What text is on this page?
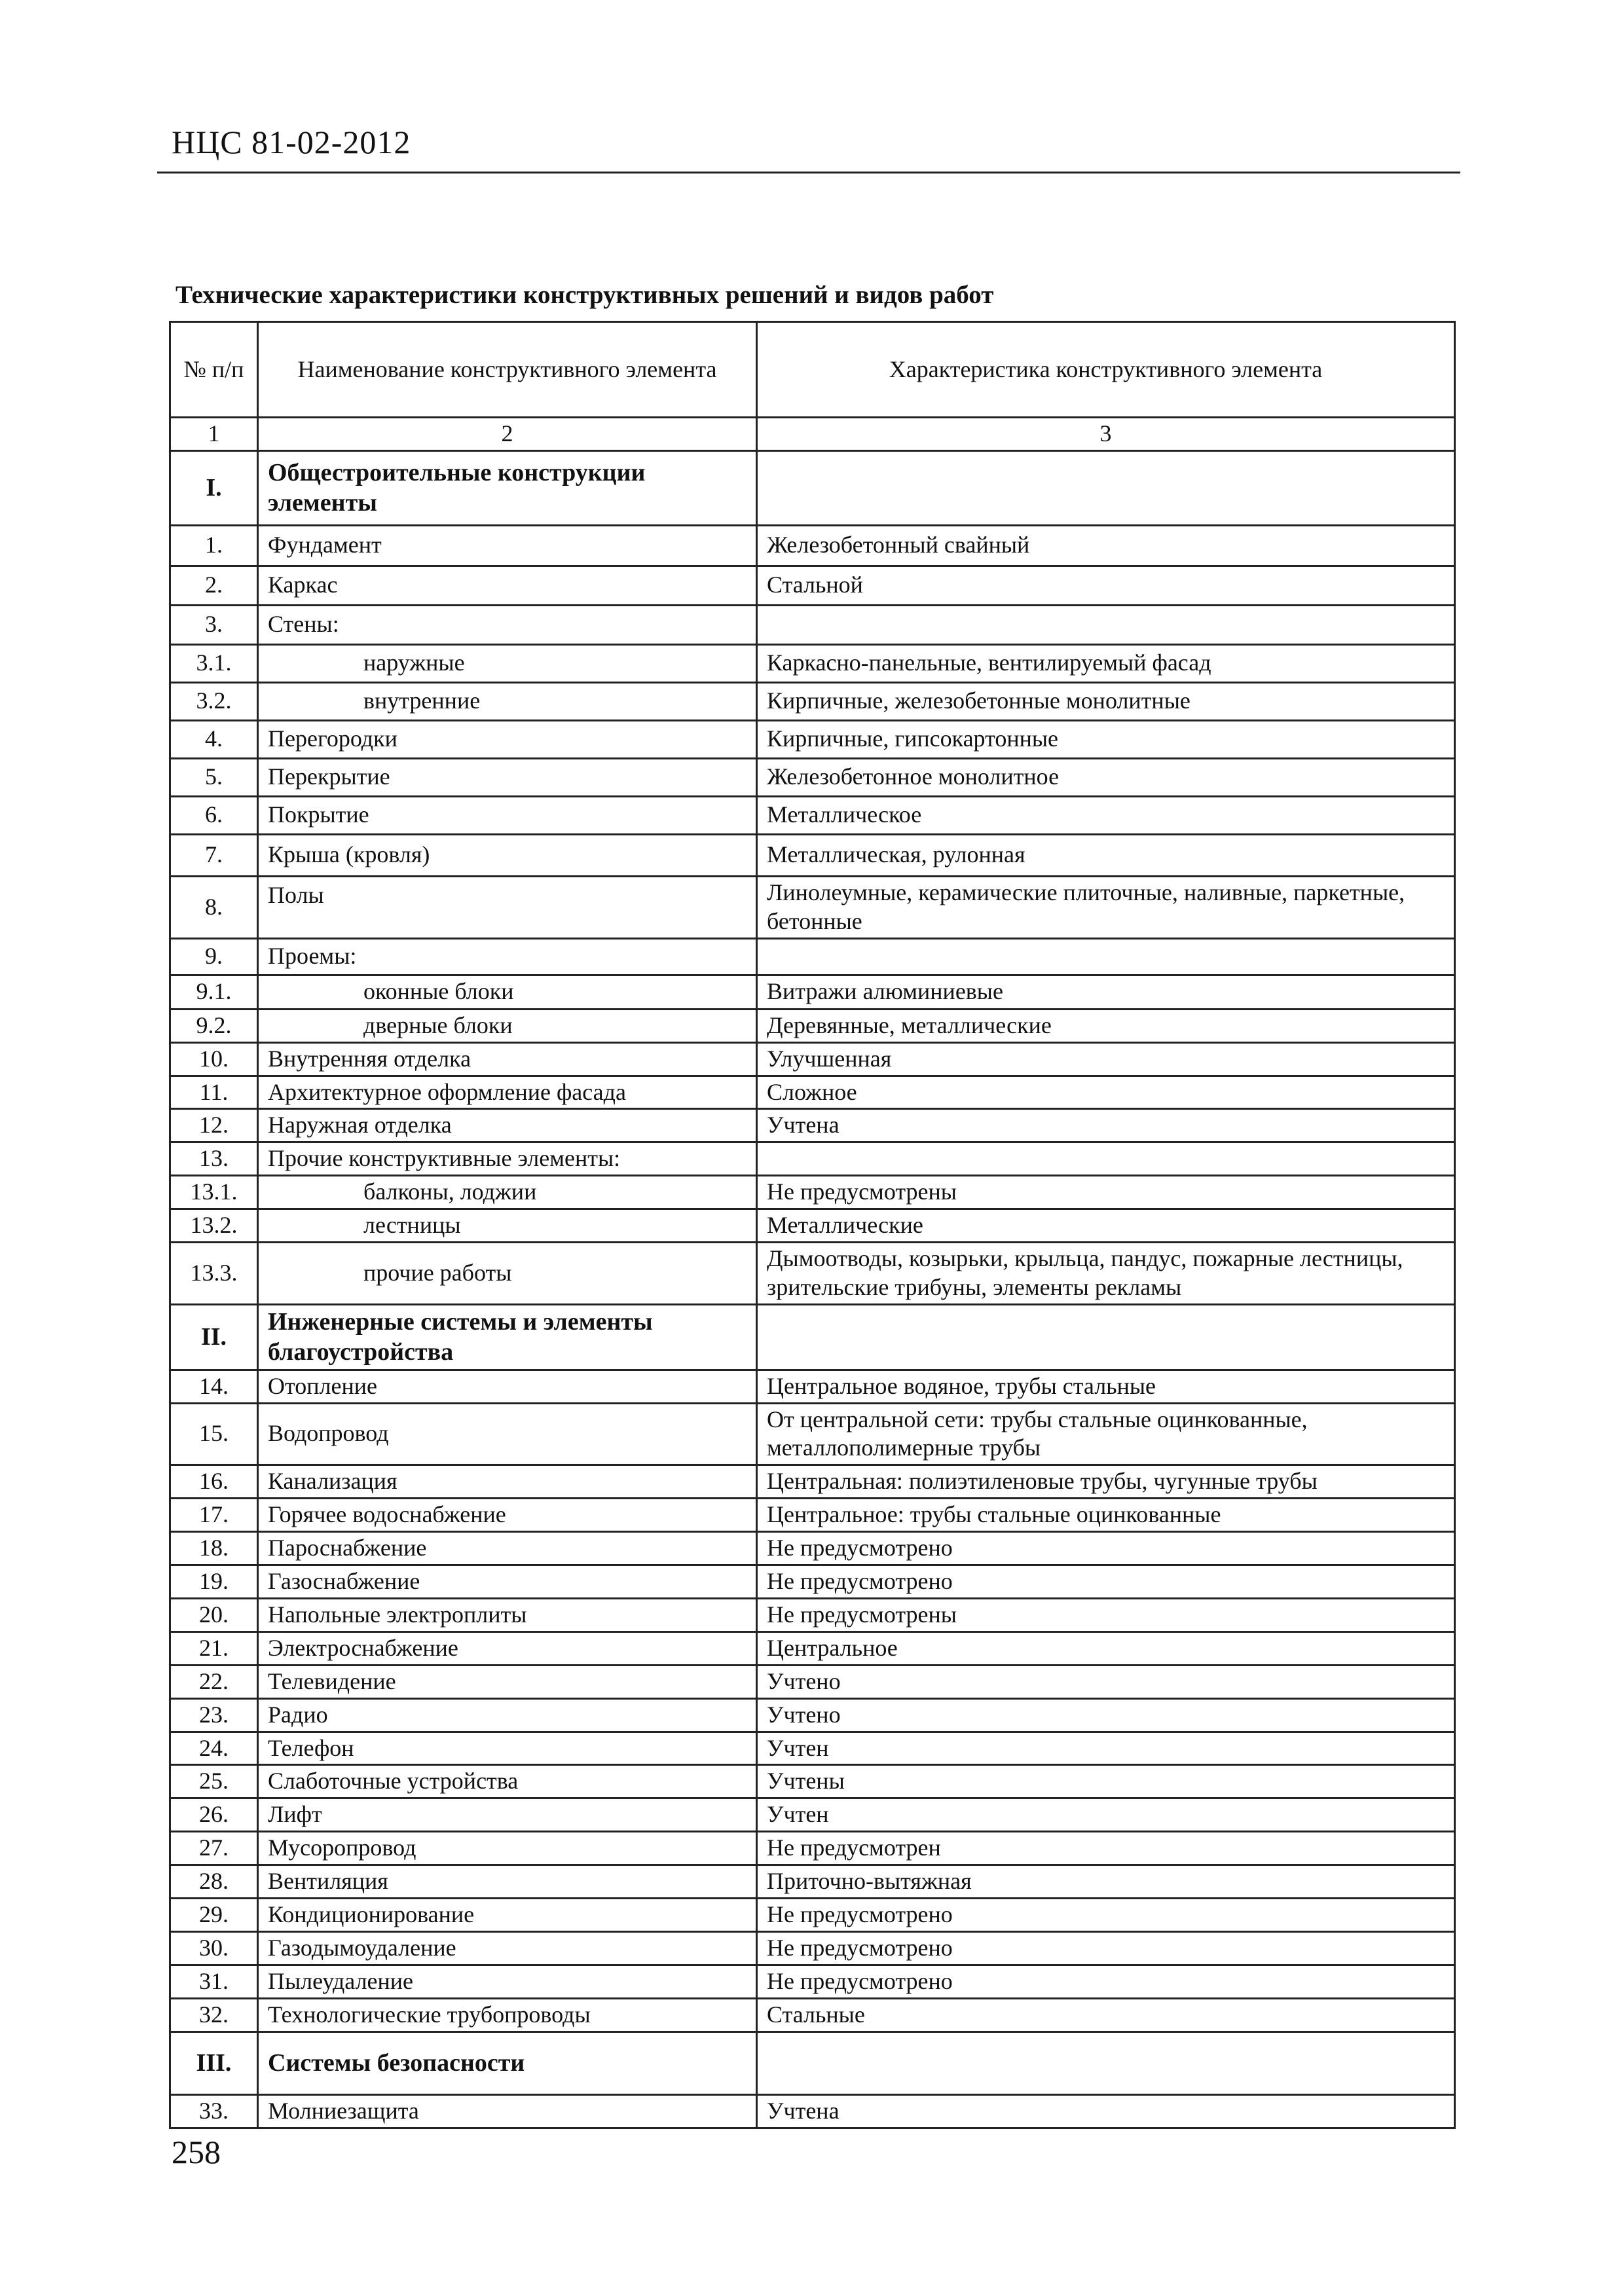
НЦС 81-02-2012
Технические характеристики конструктивных решений и видов работ
№ п/п	Наименование конструктивного элемента	Характеристика конструктивного элемента
1	2	3
I.	Общестроительные конструкции элементы	
1.	Фундамент	Железобетонный свайный
2.	Каркас	Стальной
3.	Стены:	
3.1.	наружные	Каркасно-панельные, вентилируемый фасад
3.2.	внутренние	Кирпичные, железобетонные монолитные
4.	Перегородки	Кирпичные, гипсокартонные
5.	Перекрытие	Железобетонное монолитное
6.	Покрытие	Металлическое
7.	Крыша (кровля)	Металлическая, рулонная
8.	Полы	Линолеумные, керамические плиточные, наливные, паркетные, бетонные
9.	Проемы:	
9.1.	оконные блоки	Витражи алюминиевые
9.2.	дверные блоки	Деревянные, металлические
10.	Внутренняя отделка	Улучшенная
11.	Архитектурное оформление фасада	Сложное
12.	Наружная отделка	Учтена
13.	Прочие конструктивные элементы:	
13.1.	балконы, лоджии	Не предусмотрены
13.2.	лестницы	Металлические
13.3.	прочие работы	Дымоотводы, козырьки, крыльца, пандус, пожарные лестницы, зрительские трибуны, элементы рекламы
II.	Инженерные системы и элементы благоустройства	
14.	Отопление	Центральное водяное, трубы стальные
15.	Водопровод	От центральной сети: трубы стальные оцинкованные, металлополимерные трубы
16.	Канализация	Центральная: полиэтиленовые трубы, чугунные трубы
17.	Горячее водоснабжение	Центральное: трубы стальные оцинкованные
18.	Пароснабжение	Не предусмотрено
19.	Газоснабжение	Не предусмотрено
20.	Напольные электроплиты	Не предусмотрены
21.	Электроснабжение	Центральное
22.	Телевидение	Учтено
23.	Радио	Учтено
24.	Телефон	Учтен
25.	Слаботочные устройства	Учтены
26.	Лифт	Учтен
27.	Мусоропровод	Не предусмотрен
28.	Вентиляция	Приточно-вытяжная
29.	Кондиционирование	Не предусмотрено
30.	Газодымоудаление	Не предусмотрено
31.	Пылеудаление	Не предусмотрено
32.	Технологические трубопроводы	Стальные
III.	Системы безопасности	
33.	Молниезащита	Учтена
258
